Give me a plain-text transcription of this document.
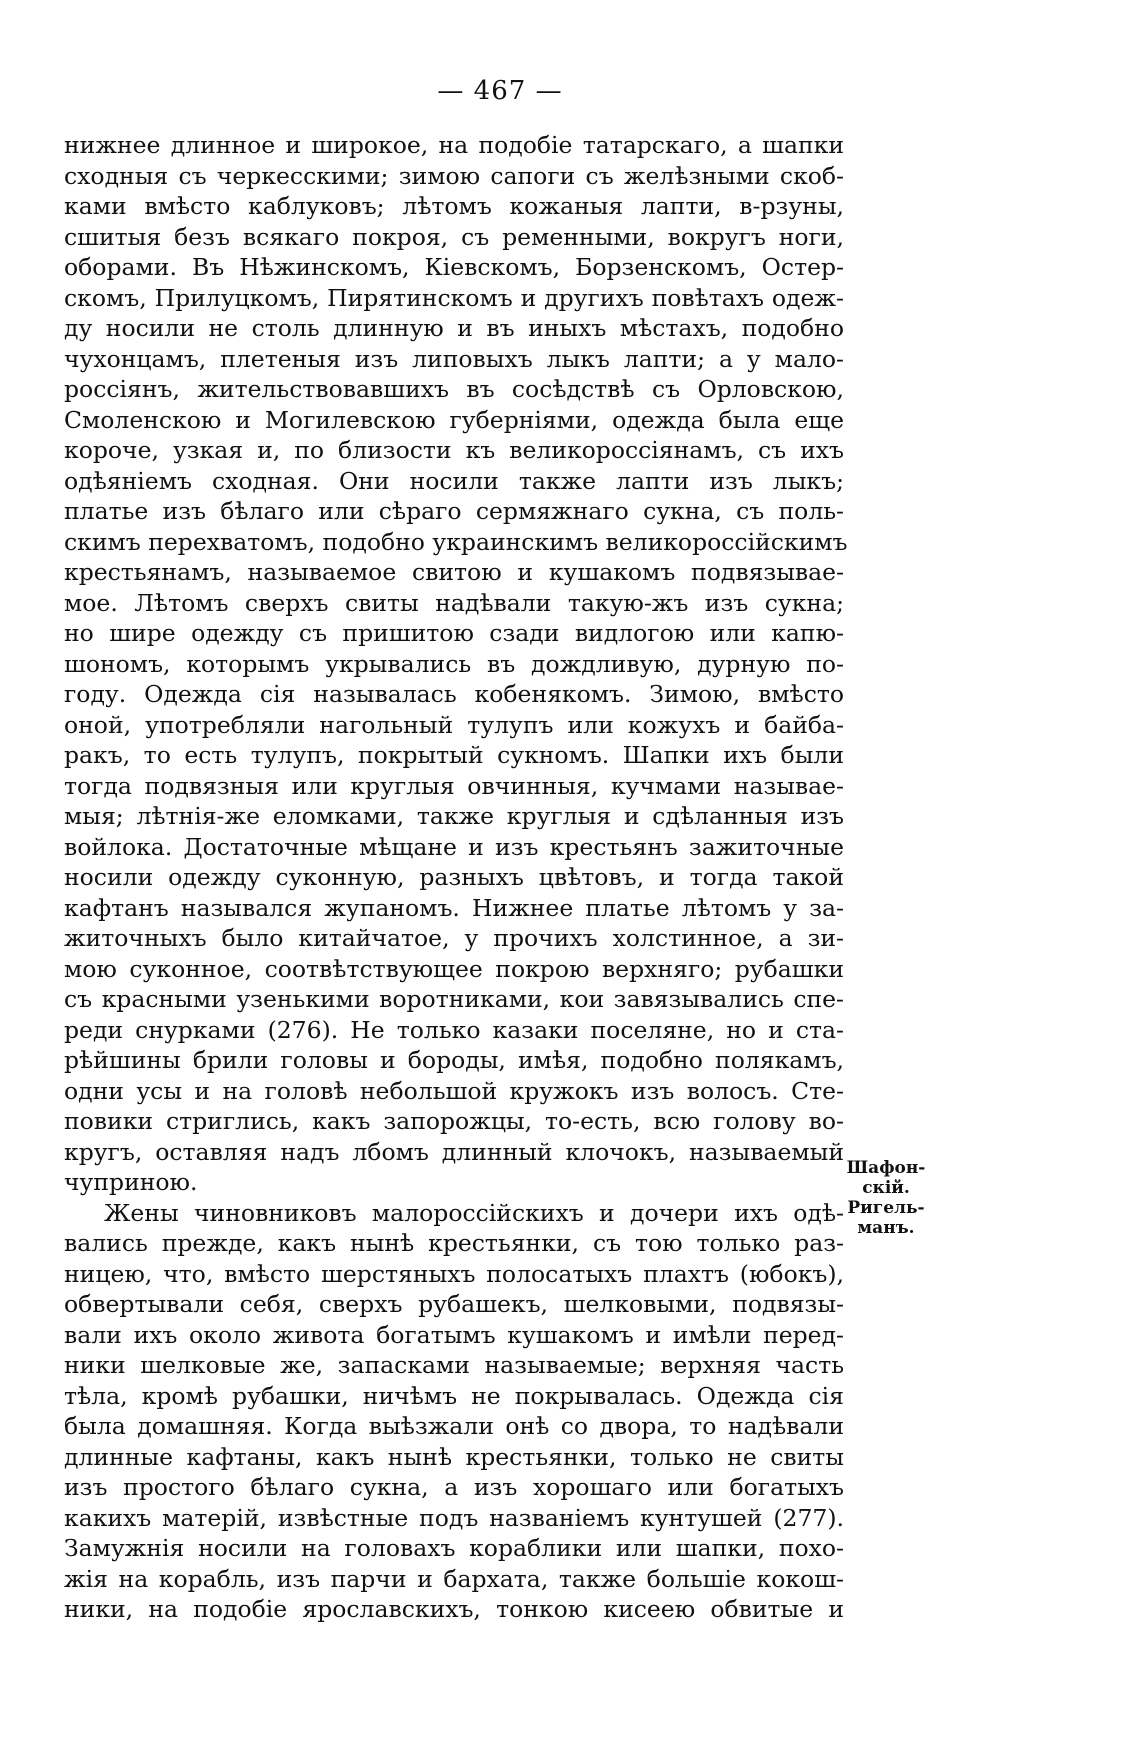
— 467 —
нижнее длинное и широкое, на подобіе татарскаго, а шапки
сходныя съ черкесскими; зимою сапоги съ желѣзными скоб-
ками вмѣсто каблуковъ; лѣтомъ кожаныя лапти, в-рзуны,
сшитыя безъ всякаго покроя, съ ременными, вокругъ ноги,
оборами. Въ Нѣжинскомъ, Кіевскомъ, Борзенскомъ, Остер-
скомъ, Прилуцкомъ, Пирятинскомъ и другихъ повѣтахъ одеж-
ду носили не столь длинную и въ иныхъ мѣстахъ, подобно
чухонцамъ, плетеныя изъ липовыхъ лыкъ лапти; а у мало-
россіянъ, жительствовавшихъ въ сосѣдствѣ съ Орловскою,
Смоленскою и Могилевскою губерніями, одежда была еще
короче, узкая и, по близости къ великороссіянамъ, съ ихъ
одѣяніемъ сходная. Они носили также лапти изъ лыкъ;
платье изъ бѣлаго или сѣраго сермяжнаго сукна, съ поль-
скимъ перехватомъ, подобно украинскимъ великороссійскимъ
крестьянамъ, называемое свитою и кушакомъ подвязывае-
мое. Лѣтомъ сверхъ свиты надѣвали такую-жъ изъ сукна;
но шире одежду съ пришитою сзади видлогою или капю-
шономъ, которымъ укрывались въ дождливую, дурную по-
году. Одежда сія называлась кобенякомъ. Зимою, вмѣсто
оной, употребляли нагольный тулупъ или кожухъ и байба-
ракъ, то есть тулупъ, покрытый сукномъ. Шапки ихъ были
тогда подвязныя или круглыя овчинныя, кучмами называе-
мыя; лѣтнія-же еломками, также круглыя и сдѣланныя изъ
войлока. Достаточные мѣщане и изъ крестьянъ зажиточные
носили одежду суконную, разныхъ цвѣтовъ, и тогда такой
кафтанъ назывался жупаномъ. Нижнее платье лѣтомъ у за-
житочныхъ было китайчатое, у прочихъ холстинное, а зи-
мою суконное, соотвѣтствующее покрою верхняго; рубашки
съ красными узенькими воротниками, кои завязывались спе-
реди снурками (276). Не только казаки поселяне, но и ста-
рѣйшины брили головы и бороды, имѣя, подобно полякамъ,
одни усы и на головѣ небольшой кружокъ изъ волосъ. Сте-
повики стриглись, какъ запорожцы, то-есть, всю голову во-
кругъ, оставляя надъ лбомъ длинный клочокъ, называемый
чуприною.
Жены чиновниковъ малороссійскихъ и дочери ихъ одѣ-
вались прежде, какъ нынѣ крестьянки, съ тою только раз-
ницею, что, вмѣсто шерстяныхъ полосатыхъ плахтъ (юбокъ),
обвертывали себя, сверхъ рубашекъ, шелковыми, подвязы-
вали ихъ около живота богатымъ кушакомъ и имѣли перед-
ники шелковые же, запасками называемые; верхняя часть
тѣла, кромѣ рубашки, ничѣмъ не покрывалась. Одежда сія
была домашняя. Когда выѣзжали онѣ со двора, то надѣвали
длинные кафтаны, какъ нынѣ крестьянки, только не свиты
изъ простого бѣлаго сукна, а изъ хорошаго или богатыхъ
какихъ матерій, извѣстные подъ названіемъ кунтушей (277).
Замужнія носили на головахъ кораблики или шапки, похо-
жія на корабль, изъ парчи и бархата, также большіе кокош-
ники, на подобіе ярославскихъ, тонкою кисеею обвитые и
Шафон-
скій.
Ригель-
манъ.
